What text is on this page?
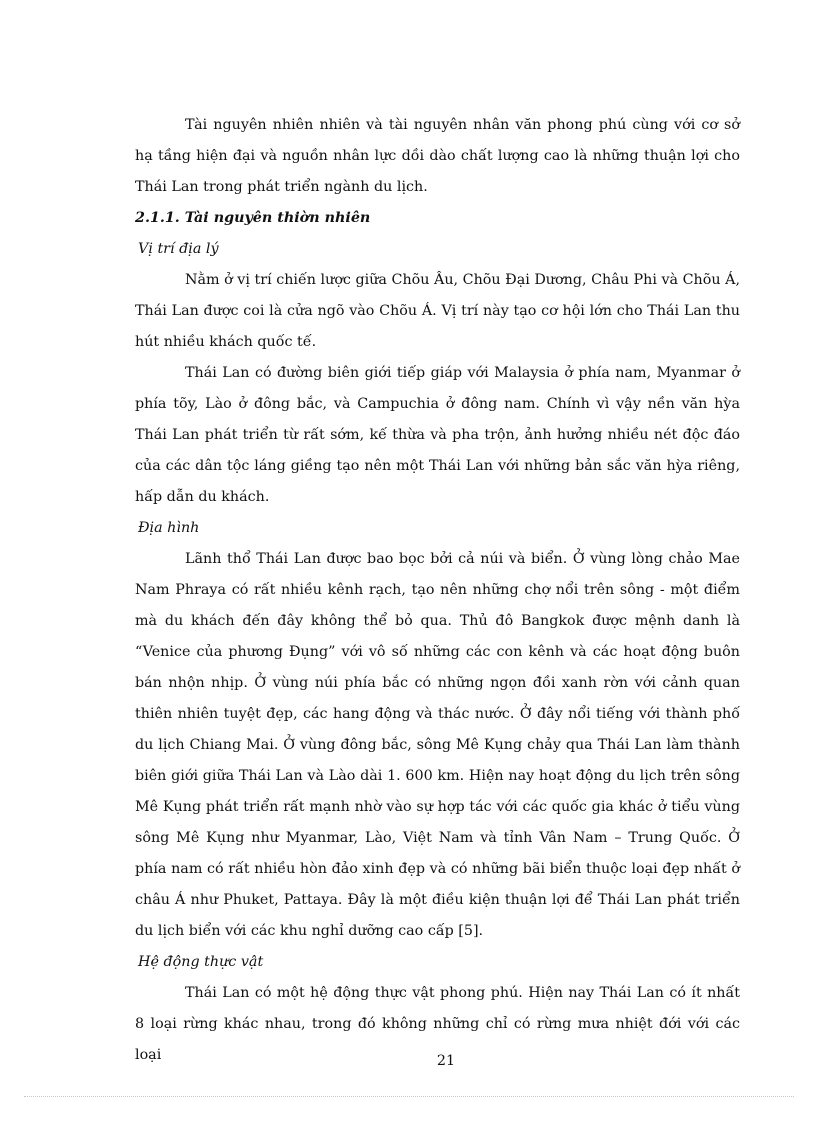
Tài nguyên nhiên nhiên và tài nguyên nhân văn phong phú cùng với cơ sở hạ tầng hiện đại và nguồn nhân lực dồi dào chất lượng cao là những thuận lợi cho Thái Lan trong phát triển ngành du lịch.

2.1.1. Tài nguyên thiờn nhiên

Vị trí địa lý

Nằm ở vị trí chiến lược giữa Chõu Âu, Chõu Đại Dương, Châu Phi và Chõu Á, Thái Lan được coi là cửa ngõ vào Chõu Á. Vị trí này tạo cơ hội lớn cho Thái Lan thu hút nhiều khách quốc tế.

Thái Lan có đường biên giới tiếp giáp với Malaysia ở phía nam, Myanmar ở phía tõy, Lào ở đông bắc, và Campuchia ở đông nam. Chính vì vậy nền văn hỳa Thái Lan phát triển từ rất sớm, kế thừa và pha trộn, ảnh hưởng nhiều nét độc đáo của các dân tộc láng giềng tạo nên một Thái Lan với những bản sắc văn hỳa riêng, hấp dẫn du khách.

Địa hình

Lãnh thổ Thái Lan được bao bọc bởi cả núi và biển. Ở vùng lòng chảo Mae Nam Phraya có rất nhiều kênh rạch, tạo nên những chợ nổi trên sông - một điểm mà du khách đến đây không thể bỏ qua. Thủ đô Bangkok được mệnh danh là “Venice của phương Đụng” với vô số những các con kênh và các hoạt động buôn bán nhộn nhịp. Ở vùng núi phía bắc có những ngọn đồi xanh rờn với cảnh quan thiên nhiên tuyệt đẹp, các hang động và thác nước. Ở đây nổi tiếng với thành phố du lịch Chiang Mai. Ở vùng đông bắc, sông Mê Kụng chảy qua Thái Lan làm thành biên giới giữa Thái Lan và Lào dài 1. 600 km. Hiện nay hoạt động du lịch trên sông Mê Kụng phát triển rất mạnh nhờ vào sự hợp tác với các quốc gia khác ở tiểu vùng sông Mê Kụng như Myanmar, Lào, Việt Nam và tỉnh Vân Nam – Trung Quốc. Ở phía nam có rất nhiều hòn đảo xinh đẹp và có những bãi biển thuộc loại đẹp nhất ở châu Á như Phuket, Pattaya. Đây là một điều kiện thuận lợi để Thái Lan phát triển du lịch biển với các khu nghỉ dưỡng cao cấp [5].

Hệ động thực vật

Thái Lan có một hệ động thực vật phong phú. Hiện nay Thái Lan có ít nhất 8 loại rừng khác nhau, trong đó không những chỉ có rừng mưa nhiệt đới với các loại	21
